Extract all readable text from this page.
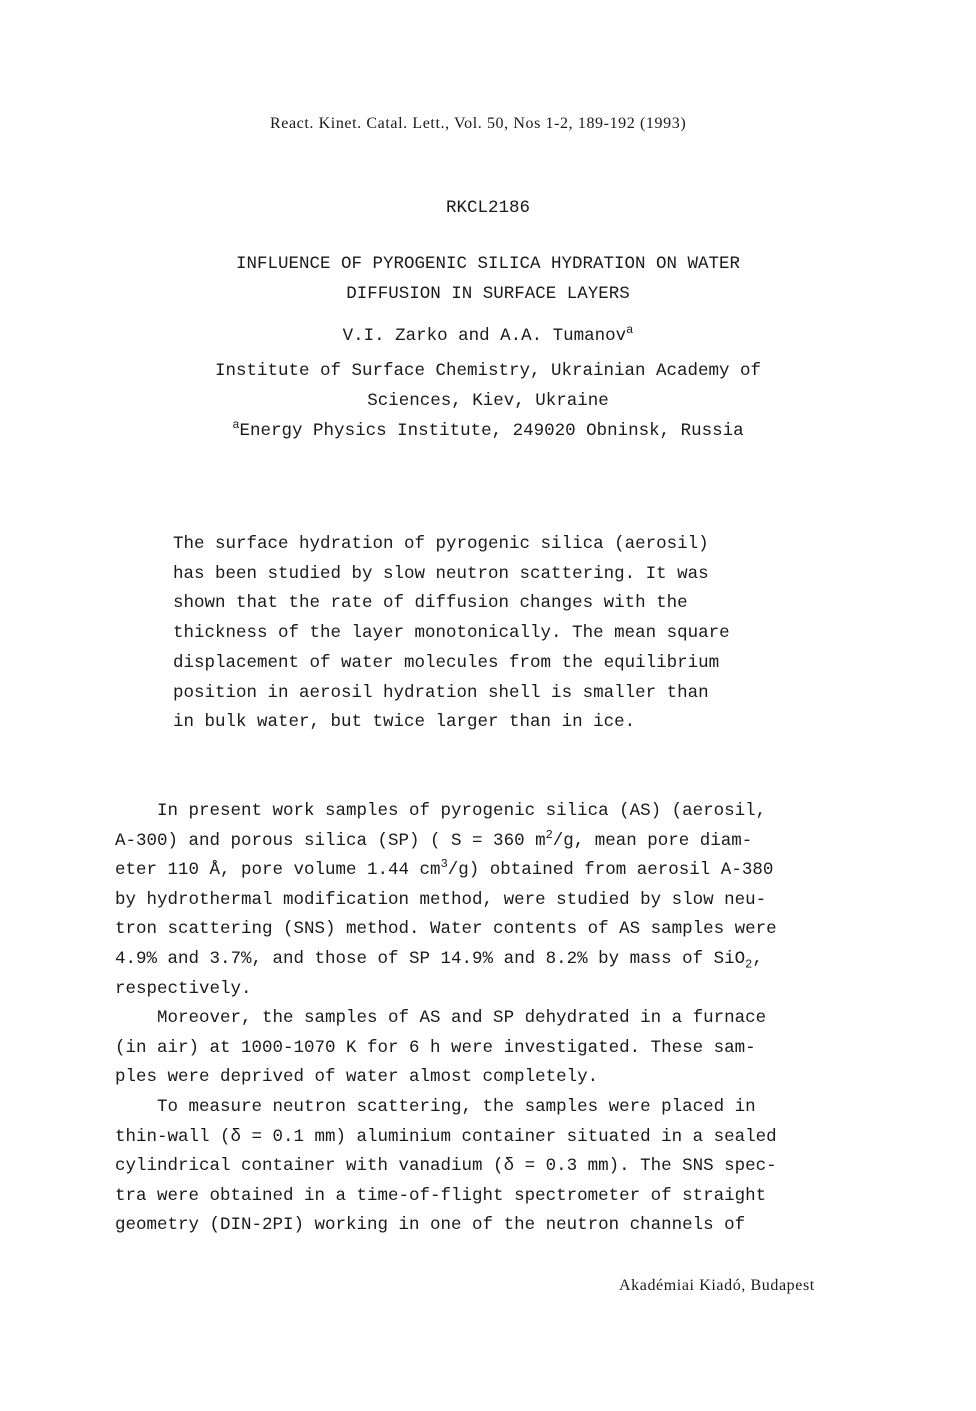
React. Kinet. Catal. Lett., Vol. 50, Nos 1-2, 189-192 (1993)
RKCL2186
INFLUENCE OF PYROGENIC SILICA HYDRATION ON WATER
DIFFUSION IN SURFACE LAYERS
V.I. Zarko and A.A. Tumanov$^a$
Institute of Surface Chemistry, Ukrainian Academy of
Sciences, Kiev, Ukraine
$^a$Energy Physics Institute, 249020 Obninsk, Russia
The surface hydration of pyrogenic silica (aerosil)
has been studied by slow neutron scattering. It was
shown that the rate of diffusion changes with the
thickness of the layer monotonically. The mean square
displacement of water molecules from the equilibrium
position in aerosil hydration shell is smaller than
in bulk water, but twice larger than in ice.
In present work samples of pyrogenic silica (AS) (aerosil,
A-300) and porous silica (SP) ( S = 360 $m^2/g$, mean pore diam-
eter 110 Å, pore volume 1.44 $cm^3/g$) obtained from aerosil A-380
by hydrothermal modification method, were studied by slow neu-
tron scattering (SNS) method. Water contents of AS samples were
4.9% and 3.7%, and those of SP 14.9% and 8.2% by mass of SiO$_2$,
respectively.
Moreover, the samples of AS and SP dehydrated in a furnace
(in air) at 1000-1070 K for 6 h were investigated. These sam-
ples were deprived of water almost completely.
To measure neutron scattering, the samples were placed in
thin-wall (δ = 0.1 mm) aluminium container situated in a sealed
cylindrical container with vanadium (δ = 0.3 mm). The SNS spec-
tra were obtained in a time-of-flight spectrometer of straight
geometry (DIN-2PI) working in one of the neutron channels of
Akadémiai Kiadó, Budapest
